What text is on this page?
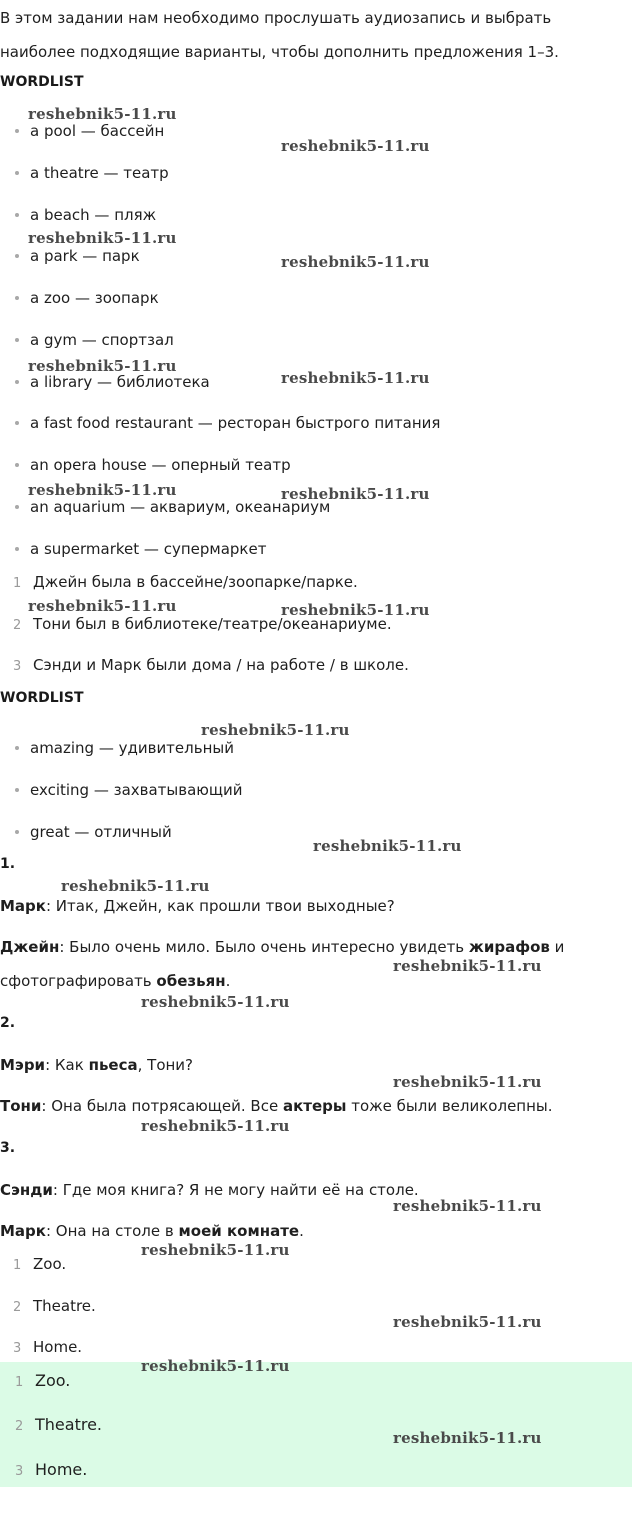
В этом задании нам необходимо прослушать аудиозапись и выбрать

наиболее подходящие варианты, чтобы дополнить предложения 1–3.

WORDLIST
a pool — бассейн
a theatre — театр
a beach — пляж
a park — парк
a zoo — зоопарк
a gym — спортзал
a library — библиотека
a fast food restaurant — ресторан быстрого питания
an opera house — оперный театр
an aquarium — аквариум, океанариум
a supermarket — супермаркет
1 Джейн была в бассейне/зоопарке/парке.
2 Тони был в библиотеке/театре/океанариуме.
3 Сэнди и Марк были дома / на работе / в школе.
WORDLIST
amazing — удивительный
exciting — захватывающий
great — отличный
1.

Марк: Итак, Джейн, как прошли твои выходные?

Джейн: Было очень мило. Было очень интересно увидеть жирафов и

сфотографировать обезьян.

2.

Мэри: Как пьеса, Тони?

Тони: Она была потрясающей. Все актеры тоже были великолепны.

3.

Сэнди: Где моя книга? Я не могу найти её на столе.

Марк: Она на столе в моей комнате.

1 Zoo.
2 Theatre.
3 Home.
1 Zoo.
2 Theatre.
3 Home.
reshebnik5-11.ru
reshebnik5-11.ru
reshebnik5-11.ru
reshebnik5-11.ru
reshebnik5-11.ru
reshebnik5-11.ru
reshebnik5-11.ru	reshebnik5-11.ru
reshebnik5-11.ru	reshebnik5-11.ru
reshebnik5-11.ru
reshebnik5-11.ru
reshebnik5-11.ru
reshebnik5-11.ru
reshebnik5-11.ru
reshebnik5-11.ru
reshebnik5-11.ru
reshebnik5-11.ru
reshebnik5-11.ru
reshebnik5-11.ru
reshebnik5-11.ru
reshebnik5-11.ru
